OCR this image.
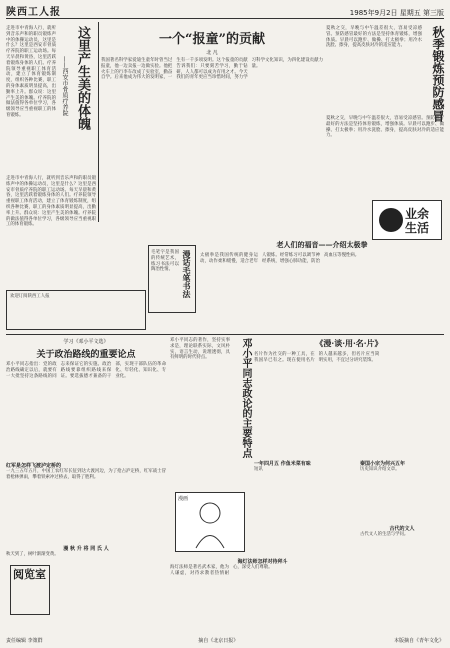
陕西工人报	1985年9月2日 星期五 第三版
这里产生美的体魄
——西安市骨质疗养院
走进市中青海人行，就听到音乐声和的职员锻炼声中的体操运动员，这里是什么？这里是西安市骨质疗养院的职工运动场。每天早晨和黄昏，这里活跃着锻炼身体的人们。疗养院领导重视职工体育活动，建立了体育锻炼制度，组织各种比赛，职工的身体素质明显提高，出勤率上升。群众说：这里产生美的体魄。疗养院的做法值得各单位学习，各级领导应当重视职工的体育锻炼。
走进市中青海人行，就听到音乐声和的职员锻炼声中的体操运动员，这里是什么？这里是西安市骨质疗养院的职工运动场。每天早晨和黄昏，这里活跃着锻炼身体的人们。疗养院领导重视职工体育活动，建立了体育锻炼制度，组织各种比赛，职工的身体素质明显提高，出勤率上升。群众说：这里产生美的体魄。疗养院的做法值得各单位学习，各级领导应当重视职工的体育锻炼。
一个“报童”的贡献
北 凡
我国著名科学家爱迪生童年时曾当过报童，他一边卖报一边做实验。他把火车上的行李车改成了实验室，勤奋自学。后来他成为伟大的发明家，一生有一千多项发明。这个报童的贡献告诉我们：只要刻苦学习，勤于钻研，人人都可以成为有用之才。今天我们的青年更应当珍惜时间，努力学习科学文化知识，为四化建设贡献力量。	秋季锻炼预防感冒
夏秋之交，早晚与中午温差很大，容易受凉感冒。预防感冒最好的方法是坚持体育锻炼，增强体质。早晨可以跑步、做操、打太极拳；用冷水洗脸、擦身，提高皮肤对冷的适应能力。
夏秋之交，早晚与中午温差很大，容易受凉感冒。预防感冒最好的方法是坚持体育锻炼，增强体质。早晨可以跑步、做操、打太极拳；用冷水洗脸、擦身，提高皮肤对冷的适应能力。
业余生活
老人们的福音——介绍太极拳
太极拳是我国传统的健身运动，动作柔和缓慢，适合老年人锻炼。经常练习可以调节神经系统，增强心肺功能，防治高血压等慢性病。
漫话毛笔书法
毛笔字是我国的传统艺术，练习书法可以陶冶性情。
欢迎订阅陕西工人报
学习《邓小平文选》
关于政治路线的重要论点
邓小平同志指出：党的政治路线确定以后，就要有一大批坚持这条路线的同志来保证它的实施。政治路线要靠组织路线来保证。要选拔德才兼备的干部，实现干部队伍的革命化、年轻化、知识化、专业化。	邓小平同志政论的主要特点
邓小平同志的著作，坚持实事求是，理论联系实际，文风朴实，语言生动，说理透彻，具有鲜明的时代特点。
《漫·谈·用·名·片》
名片作为社交的一种工具，在我国早已有之。现在使用名片的人越来越多，但名片应当简明实用，不宜过分讲究装饰。
一年四月五 作鱼米菜有味
短讯
秦国小宗为何兴五年
历史知识介绍文章。
古代的文人
古代文人的生活与学问。
红军是怎样飞渡泸定桥的
一九三五年五月，中国工农红军长征到达大渡河边，为了抢占泸定桥，红军战士冒着枪林弹雨，攀着铁索冲过桥去，取得了胜利。
漫 秋 升 将 同 氏 人
秋天到了，树叶渐渐变黄。
阅览室
漫画
海灯法师怎样对待拜斗
海灯法师是著名武术家，他为人谦虚，对待求教者热情耐心，深受人们尊敬。
责任编辑 李策群	摘自《北京日报》	本版摘自《青年文化》
